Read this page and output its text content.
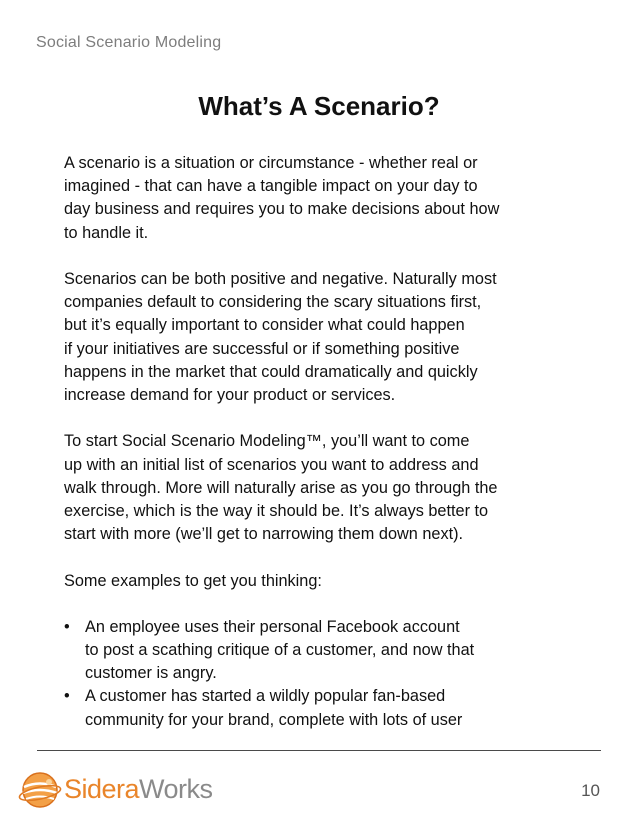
Social Scenario Modeling
What’s A Scenario?

A scenario is a situation or circumstance - whether real or
imagined - that can have a tangible impact on your day to
day business and requires you to make decisions about how
to handle it.

Scenarios can be both positive and negative. Naturally most
companies default to considering the scary situations first,
but it’s equally important to consider what could happen
if your initiatives are successful or if something positive
happens in the market that could dramatically and quickly
increase demand for your product or services.

To start Social Scenario Modeling™, you’ll want to come
up with an initial list of scenarios you want to address and
walk through. More will naturally arise as you go through the
exercise, which is the way it should be. It’s always better to
start with more (we’ll get to narrowing them down next).

Some examples to get you thinking:

• An employee uses their personal Facebook account
to post a scathing critique of a customer, and now that
customer is angry.
• A customer has started a wildly popular fan-based
community for your brand, complete with lots of user
SideraWorks	10
